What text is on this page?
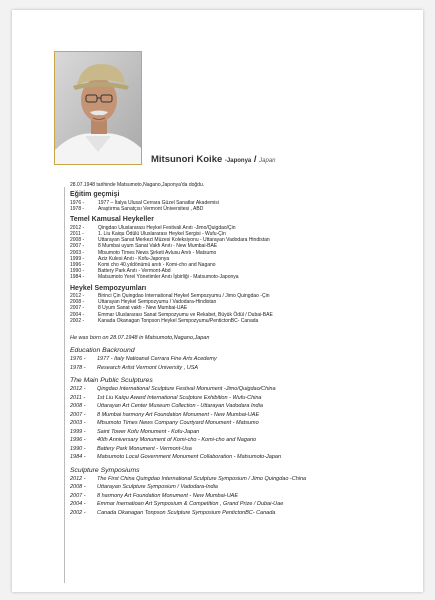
Mitsunori Koike -Japonya / Japan
28.07.1948 tarihinde Matsumoto,Nagano,Japonya'da doğdu.
Eğitim geçmişi
1976 -	1977 – İtalya Ulusal Cerrara Güzel Sanatlar Akademisi
1978 -	Araştırma Sanatçısı Vermont Üniversitesi , ABD
Temel Kamusal Heykeller
2012 -	Qingdao Uluslararası Heykel Festivali Anıtı -Jimo/Quigdao/Çin
2011 -	1. Liu Kaiqu Ödülü Uluslararası Heykel Sergisi - Wufu-Çin
2008 -	Uttarayan Sanat Merkezi Müzesi Koleksiyonu - Uttarayan Vadodara Hindistan
2007 -	8 Mumbai uyum Sanat Vakfı Anıtı - New Mumbai-BAE
2003 -	Mtsumoto Times News Şirketi Avlusu Anıtı - Matsumo
1999 -	Aziz Kulesi Anıtı - Kofu-Japonya
1996 -	Komi cho 40.yıldönümü anıtı - Komi-cho and Nagano
1990 -	Battery Park Anıtı - Vermont-Abd
1984 -	Matsumoto Yerel Yönetimler Anıtı İşbirliği - Matsumoto-Japonya
Heykel Sempozyumları
2012 -	Birinci Çin Quingdao International Heykel Sempozyumu / Jimo Quingdao -Çin
2008 -	Uttarayan Heykel Sempozyumu / Vadodara-Hindistan
2007 -	8 Uyum Sanat vakfı - New Mumbai-UAE
2004 -	Emmar Uluslararası Sanat Sempozyumu ve Rekabet, Büyük Ödül / Dubai-BAE
2002 -	Kanada Okanagan Tonpson Heykel Sempozyumu/PentictonBC- Canada
He was born on 28.07.1948 in Matsumoto,Nagano,Japan
Education Backround
1976 -	1977 - Italy Natioanal Cerrara Fine Arts Acedemy
1978 -	Research Artist Vermont University , USA
The Main Public Sculptures
2012 -	Qingdao International Sculpture Festival Monument -Jimo/Quigdao/China
2011 -	1st Liu Kaiqu Award International Sculpture Exhibition - Wufu-China
2008 -	Uttarayan Art Center Museum Collection - Uttarayan Vadodara India
2007 -	8 Mumbai harmony Art Foundation Monument - New Mumbai-UAE
2003 -	Mtsumoto Times News Company Courtyard Monument - Matsumo
1999 -	Saint Tower Kofu Monument - Kofu-Japan
1996 -	40th Anniversary Monument of Komi-cho - Komi-cho and Nagano
1990 -	Battery Park Monument - Vermont-Usa
1984 -	Matsumoto Local Government Monument Collaboration - Matsumoto-Japan
Sculpture Symposiums
2012 -	The First China Quingdao International Sculpture Symposium / Jimo Quingdao -China
2008 -	Uttarayan Sculpture Symposium / Vadodara-India
2007 -	8 harmony Art Foundation Monument - New Mumbai-UAE
2004 -	Emmar Inernatioan Art Symposium & Competition , Grand Prize / Dubai-Uae
2002 -	Canada Okanagan Tonpson Sculpture Symposium PentictonBC- Canada
